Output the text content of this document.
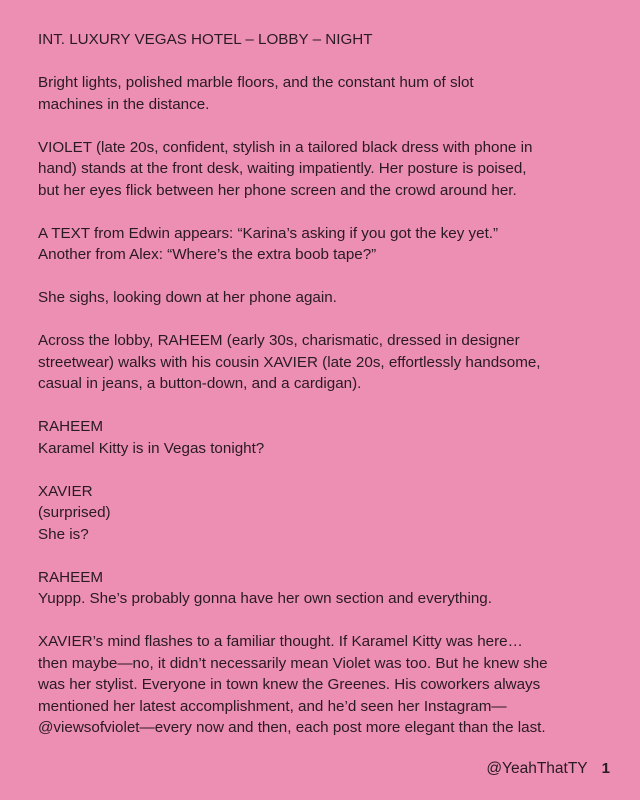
INT. LUXURY VEGAS HOTEL – LOBBY – NIGHT

Bright lights, polished marble floors, and the constant hum of slot

machines in the distance.

VIOLET (late 20s, confident, stylish in a tailored black dress with phone in

hand) stands at the front desk, waiting impatiently. Her posture is poised,

but her eyes flick between her phone screen and the crowd around her.

A TEXT from Edwin appears: “Karina’s asking if you got the key yet.”

Another from Alex: “Where’s the extra boob tape?”

She sighs, looking down at her phone again.

Across the lobby, RAHEEM (early 30s, charismatic, dressed in designer

streetwear) walks with his cousin XAVIER (late 20s, effortlessly handsome,

casual in jeans, a button-down, and a cardigan).

RAHEEM

Karamel Kitty is in Vegas tonight?

XAVIER

(surprised)

She is?

RAHEEM

Yuppp. She’s probably gonna have her own section and everything.

XAVIER’s mind flashes to a familiar thought. If Karamel Kitty was here…

then maybe—no, it didn’t necessarily mean Violet was too. But he knew she

was her stylist. Everyone in town knew the Greenes. His coworkers always

mentioned her latest accomplishment, and he’d seen her Instagram—

@viewsofviolet—every now and then, each post more elegant than the last.

@YeahThatTY 1
